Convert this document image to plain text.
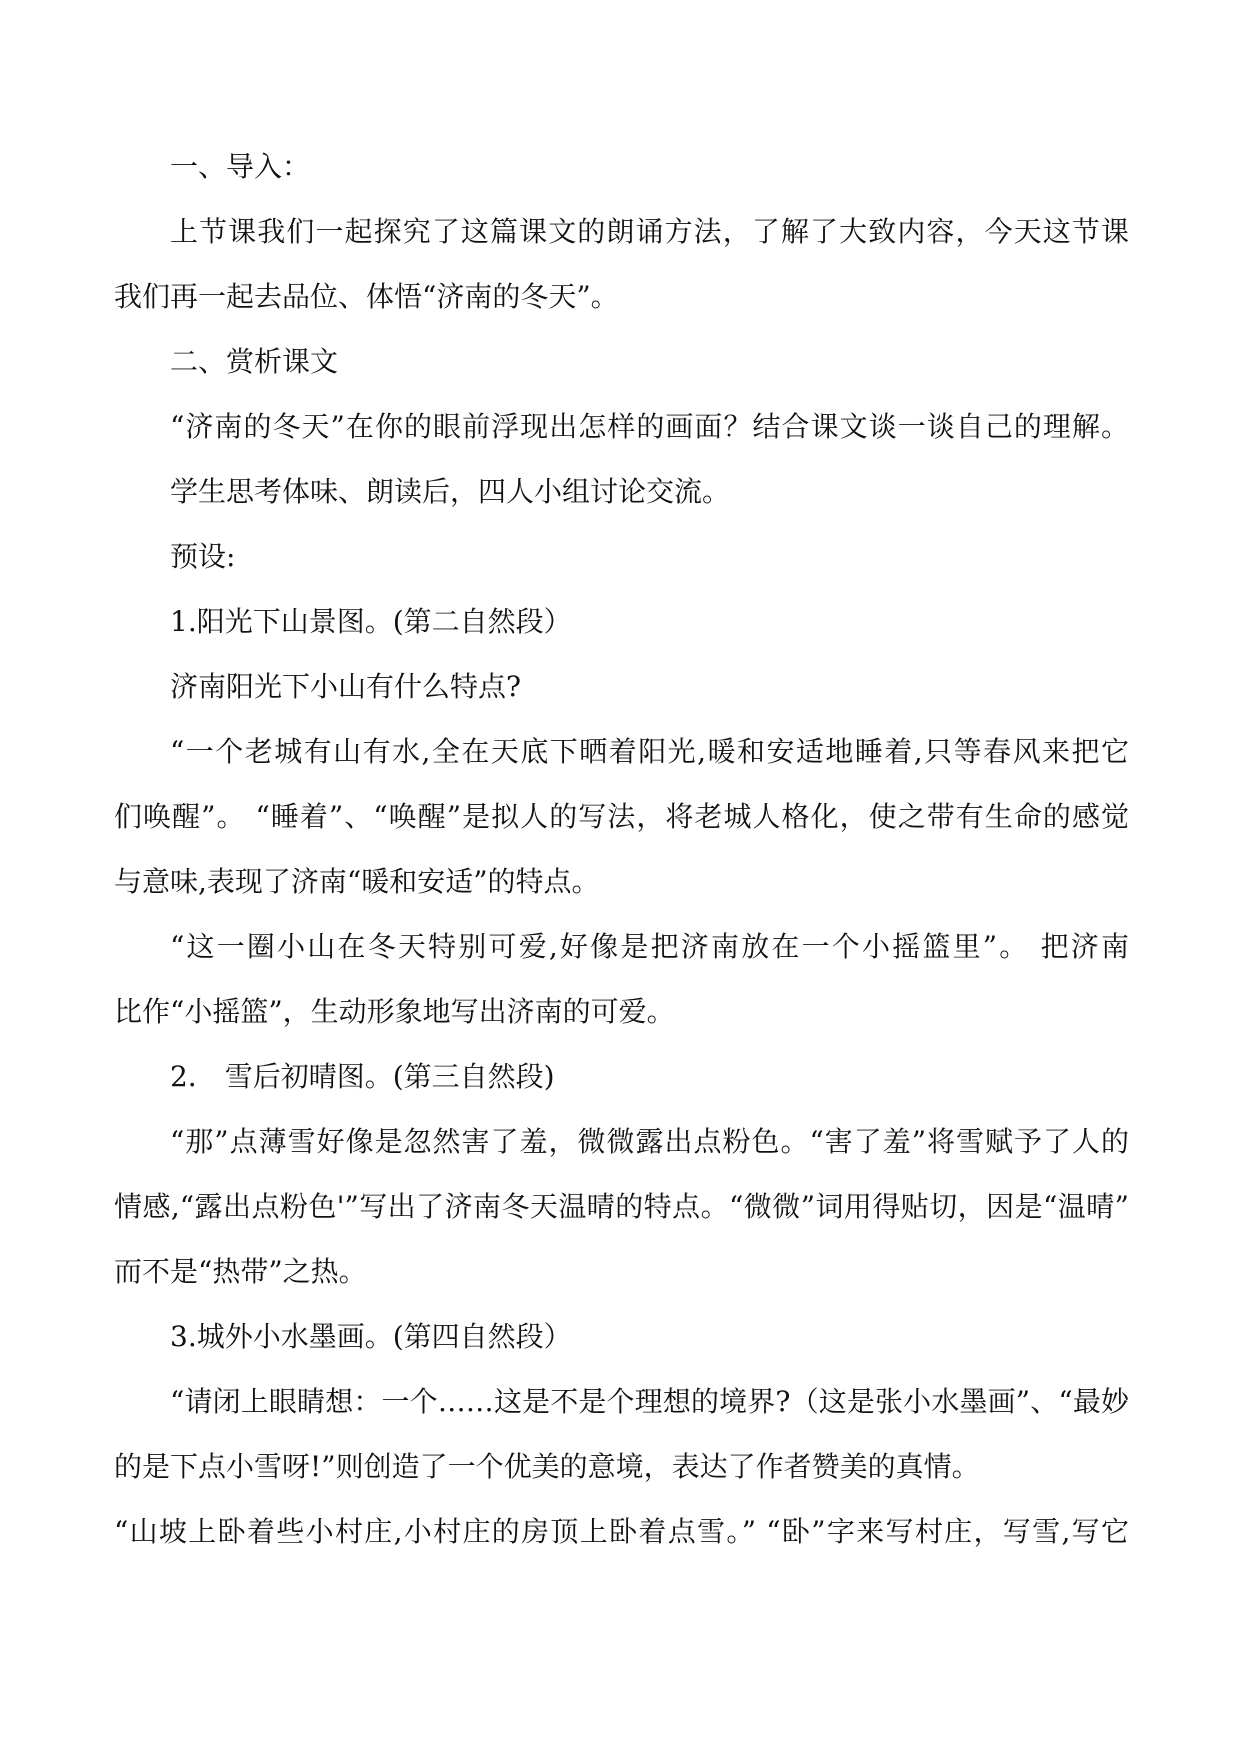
一、导入：
上节课我们一起探究了这篇课文的朗诵方法，了解了大致内容，今天这节课
我们再一起去品位、体悟“济南的冬天”。
二、赏析课文
“济南的冬天”在你的眼前浮现出怎样的画面？结合课文谈一谈自己的理解。
学生思考体味、朗读后，四人小组讨论交流。
预设:
1.阳光下山景图。(第二自然段）
济南阳光下小山有什么特点?
“一个老城有山有水,全在天底下晒着阳光,暖和安适地睡着,只等春风来把它
们唤醒”。 “睡着”、“唤醒”是拟人的写法，将老城人格化，使之带有生命的感觉
与意味,表现了济南“暖和安适”的特点。
“这一圈小山在冬天特别可爱,好像是把济南放在一个小摇篮里”。 把济南
比作“小摇篮”，生动形象地写出济南的可爱。
2． 雪后初晴图。(第三自然段)
“那”点薄雪好像是忽然害了羞，微微露出点粉色。“害了羞”将雪赋予了人的
情感,“露出点粉色'”写出了济南冬天温晴的特点。“微微”词用得贴切，因是“温晴”
而不是“热带”之热。
3.城外小水墨画。(第四自然段）
“请闭上眼睛想：一个……这是不是个理想的境界?（这是张小水墨画”、“最妙
的是下点小雪呀!”则创造了一个优美的意境，表达了作者赞美的真情。
“山坡上卧着些小村庄,小村庄的房顶上卧着点雪。” “卧”字来写村庄，写雪,写它
